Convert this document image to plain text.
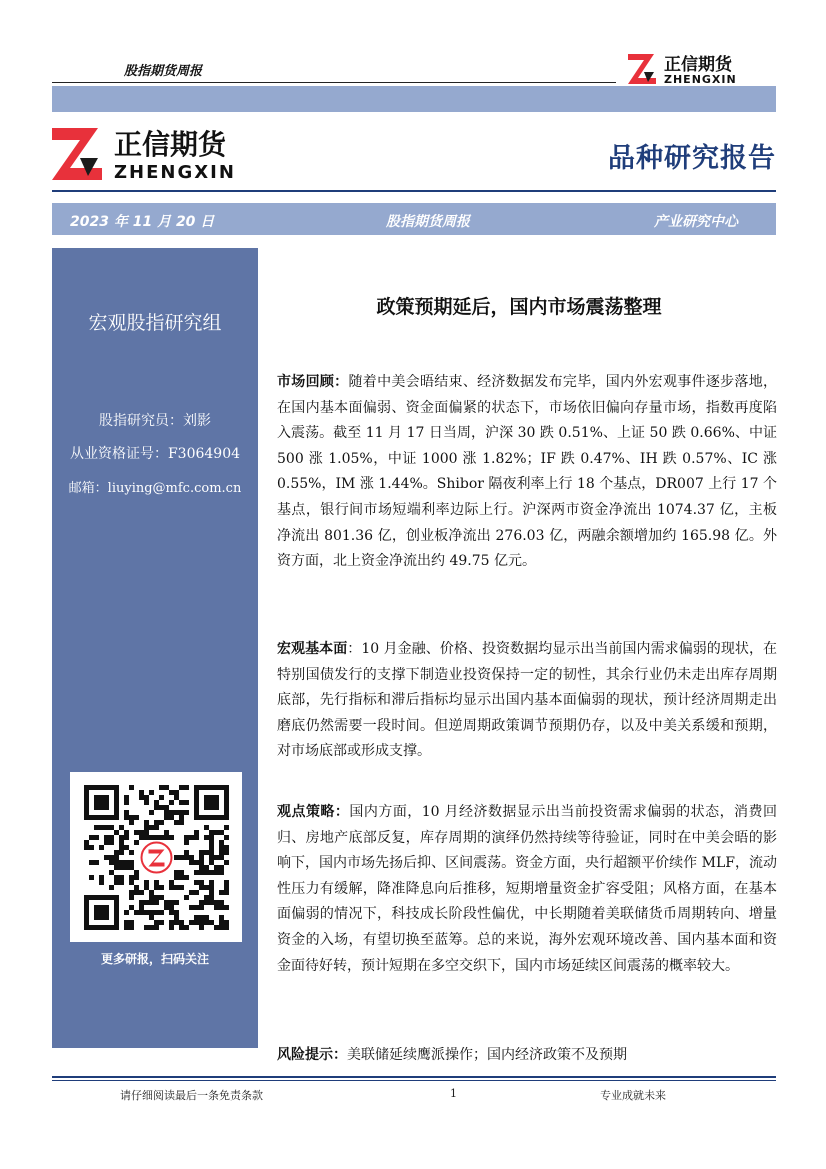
股指期货周报	正信期货
ZHENGXIN
正信期货
ZHENGXIN	品种研究报告
2023 年 11 月 20 日	股指期货周报	产业研究中心
宏观股指研究组
股指研究员：刘影
从业资格证号：F3064904
邮箱：liuying@mfc.com.cn
更多研报，扫码关注
政策预期延后，国内市场震荡整理
市场回顾：随着中美会晤结束、经济数据发布完毕，国内外宏观事件逐步落地，在国内基本面偏弱、资金面偏紧的状态下，市场依旧偏向存量市场，指数再度陷入震荡。截至 11 月 17 日当周，沪深 30 跌 0.51%、上证 50 跌 0.66%、中证 500 涨 1.05%，中证 1000 涨 1.82%；IF 跌 0.47%、IH 跌 0.57%、IC 涨 0.55%，IM 涨 1.44%。Shibor 隔夜利率上行 18 个基点，DR007 上行 17 个基点，银行间市场短端利率边际上行。沪深两市资金净流出 1074.37 亿，主板净流出 801.36 亿，创业板净流出 276.03 亿，两融余额增加约 165.98 亿。外资方面，北上资金净流出约 49.75 亿元。
宏观基本面：10 月金融、价格、投资数据均显示出当前国内需求偏弱的现状，在特别国债发行的支撑下制造业投资保持一定的韧性，其余行业仍未走出库存周期底部，先行指标和滞后指标均显示出国内基本面偏弱的现状，预计经济周期走出磨底仍然需要一段时间。但逆周期政策调节预期仍存，以及中美关系缓和预期，对市场底部或形成支撑。
观点策略：国内方面，10 月经济数据显示出当前投资需求偏弱的状态，消费回归、房地产底部反复，库存周期的演绎仍然持续等待验证，同时在中美会晤的影响下，国内市场先扬后抑、区间震荡。资金方面，央行超额平价续作 MLF，流动性压力有缓解，降准降息向后推移，短期增量资金扩容受阻；风格方面，在基本面偏弱的情况下，科技成长阶段性偏优，中长期随着美联储货币周期转向、增量资金的入场，有望切换至蓝筹。总的来说，海外宏观环境改善、国内基本面和资金面待好转，预计短期在多空交织下，国内市场延续区间震荡的概率较大。
风险提示：美联储延续鹰派操作；国内经济政策不及预期
请仔细阅读最后一条免责条款	1	专业成就未来
